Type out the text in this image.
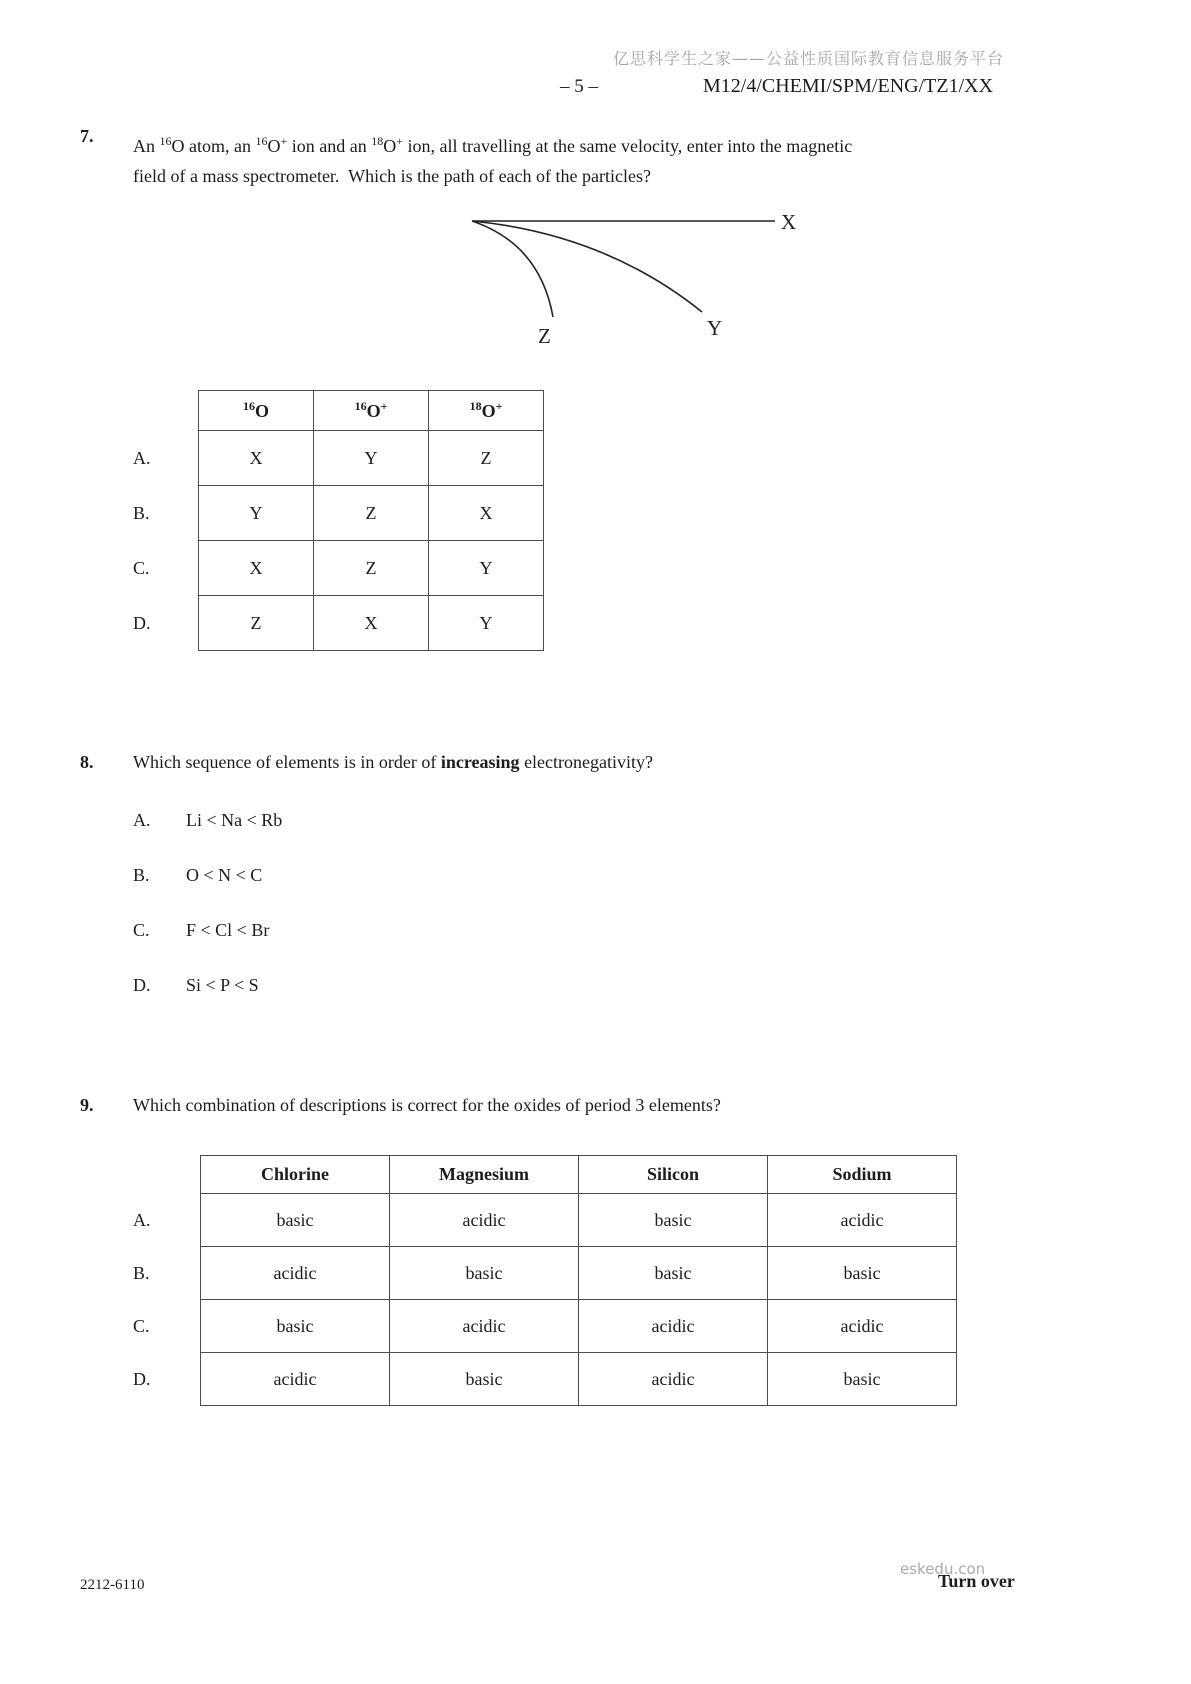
亿思科学生之家——公益性质国际教育信息服务平台
– 5 –	M12/4/CHEMI/SPM/ENG/TZ1/XX
7. An $^{16}$O atom, an $^{16}$O+ ion and an $^{18}$O+ ion, all travelling at the same velocity, enter into the magnetic
field of a mass spectrometer.  Which is the path of each of the particles?
X
Y
Z
	$^{16}$O	$^{16}$O+	$^{18}$O+
A.	X	Y	Z
B.	Y	Z	X
C.	X	Z	Y
D.	Z	X	Y
8. Which sequence of elements is in order of increasing electronegativity?
A. Li < Na < Rb
B. O < N < C
C. F < Cl < Br
D. Si < P < S
9. Which combination of descriptions is correct for the oxides of period 3 elements?
	Chlorine	Magnesium	Silicon	Sodium
A.	basic	acidic	basic	acidic
B.	acidic	basic	basic	basic
C.	basic	acidic	acidic	acidic
D.	acidic	basic	acidic	basic
2212-6110
eskedu.con
Turn over
